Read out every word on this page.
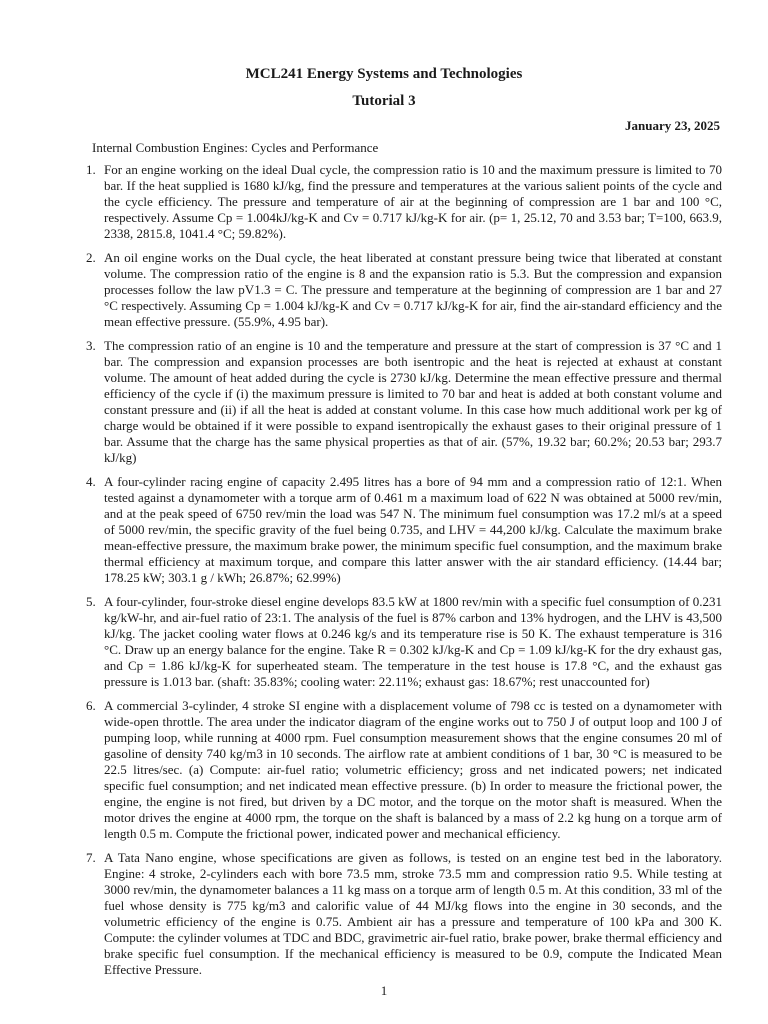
MCL241 Energy Systems and Technologies
Tutorial 3
January 23, 2025
Internal Combustion Engines: Cycles and Performance
1. For an engine working on the ideal Dual cycle, the compression ratio is 10 and the maximum pressure is limited to 70 bar. If the heat supplied is 1680 kJ/kg, find the pressure and temperatures at the various salient points of the cycle and the cycle efficiency. The pressure and temperature of air at the beginning of compression are 1 bar and 100 °C, respectively. Assume Cp = 1.004kJ/kg-K and Cv = 0.717 kJ/kg-K for air. (p= 1, 25.12, 70 and 3.53 bar; T=100, 663.9, 2338, 2815.8, 1041.4 °C; 59.82%).
2. An oil engine works on the Dual cycle, the heat liberated at constant pressure being twice that liberated at constant volume. The compression ratio of the engine is 8 and the expansion ratio is 5.3. But the compression and expansion processes follow the law pV1.3 = C. The pressure and temperature at the beginning of compression are 1 bar and 27 °C respectively. Assuming Cp = 1.004 kJ/kg-K and Cv = 0.717 kJ/kg-K for air, find the air-standard efficiency and the mean effective pressure. (55.9%, 4.95 bar).
3. The compression ratio of an engine is 10 and the temperature and pressure at the start of compression is 37 °C and 1 bar. The compression and expansion processes are both isentropic and the heat is rejected at exhaust at constant volume. The amount of heat added during the cycle is 2730 kJ/kg. Determine the mean effective pressure and thermal efficiency of the cycle if (i) the maximum pressure is limited to 70 bar and heat is added at both constant volume and constant pressure and (ii) if all the heat is added at constant volume. In this case how much additional work per kg of charge would be obtained if it were possible to expand isentropically the exhaust gases to their original pressure of 1 bar. Assume that the charge has the same physical properties as that of air. (57%, 19.32 bar; 60.2%; 20.53 bar; 293.7 kJ/kg)
4. A four-cylinder racing engine of capacity 2.495 litres has a bore of 94 mm and a compression ratio of 12:1. When tested against a dynamometer with a torque arm of 0.461 m a maximum load of 622 N was obtained at 5000 rev/min, and at the peak speed of 6750 rev/min the load was 547 N. The minimum fuel consumption was 17.2 ml/s at a speed of 5000 rev/min, the specific gravity of the fuel being 0.735, and LHV = 44,200 kJ/kg. Calculate the maximum brake mean-effective pressure, the maximum brake power, the minimum specific fuel consumption, and the maximum brake thermal efficiency at maximum torque, and compare this latter answer with the air standard efficiency. (14.44 bar; 178.25 kW; 303.1 g / kWh; 26.87%; 62.99%)
5. A four-cylinder, four-stroke diesel engine develops 83.5 kW at 1800 rev/min with a specific fuel consumption of 0.231 kg/kW-hr, and air-fuel ratio of 23:1. The analysis of the fuel is 87% carbon and 13% hydrogen, and the LHV is 43,500 kJ/kg. The jacket cooling water flows at 0.246 kg/s and its temperature rise is 50 K. The exhaust temperature is 316 °C. Draw up an energy balance for the engine. Take R = 0.302 kJ/kg-K and Cp = 1.09 kJ/kg-K for the dry exhaust gas, and Cp = 1.86 kJ/kg-K for superheated steam. The temperature in the test house is 17.8 °C, and the exhaust gas pressure is 1.013 bar. (shaft: 35.83%; cooling water: 22.11%; exhaust gas: 18.67%; rest unaccounted for)
6. A commercial 3-cylinder, 4 stroke SI engine with a displacement volume of 798 cc is tested on a dynamometer with wide-open throttle. The area under the indicator diagram of the engine works out to 750 J of output loop and 100 J of pumping loop, while running at 4000 rpm. Fuel consumption measurement shows that the engine consumes 20 ml of gasoline of density 740 kg/m3 in 10 seconds. The airflow rate at ambient conditions of 1 bar, 30 °C is measured to be 22.5 litres/sec. (a) Compute: air-fuel ratio; volumetric efficiency; gross and net indicated powers; net indicated specific fuel consumption; and net indicated mean effective pressure. (b) In order to measure the frictional power, the engine, the engine is not fired, but driven by a DC motor, and the torque on the motor shaft is measured. When the motor drives the engine at 4000 rpm, the torque on the shaft is balanced by a mass of 2.2 kg hung on a torque arm of length 0.5 m. Compute the frictional power, indicated power and mechanical efficiency.
7. A Tata Nano engine, whose specifications are given as follows, is tested on an engine test bed in the laboratory. Engine: 4 stroke, 2-cylinders each with bore 73.5 mm, stroke 73.5 mm and compression ratio 9.5. While testing at 3000 rev/min, the dynamometer balances a 11 kg mass on a torque arm of length 0.5 m. At this condition, 33 ml of the fuel whose density is 775 kg/m3 and calorific value of 44 MJ/kg flows into the engine in 30 seconds, and the volumetric efficiency of the engine is 0.75. Ambient air has a pressure and temperature of 100 kPa and 300 K. Compute: the cylinder volumes at TDC and BDC, gravimetric air-fuel ratio, brake power, brake thermal efficiency and brake specific fuel consumption. If the mechanical efficiency is measured to be 0.9, compute the Indicated Mean Effective Pressure.
1
